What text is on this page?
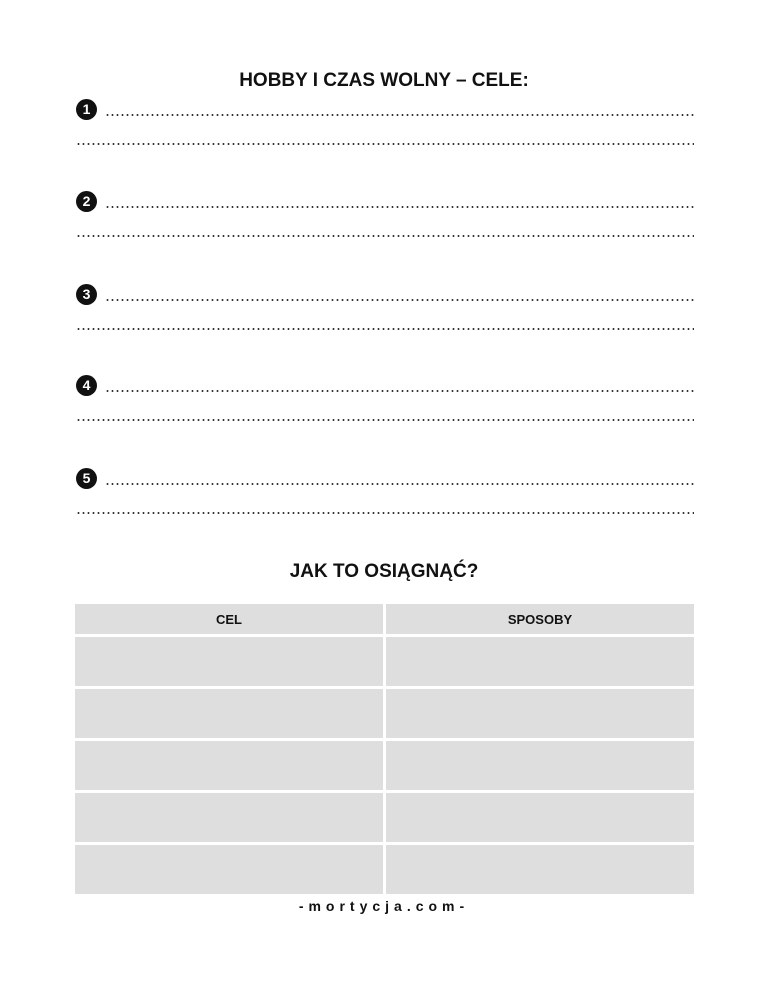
HOBBY I CZAS WOLNY – CELE:
1
2
3
4
5
JAK TO OSIĄGNĄĆ?
CEL	SPOSOBY
-mortycja.com-
